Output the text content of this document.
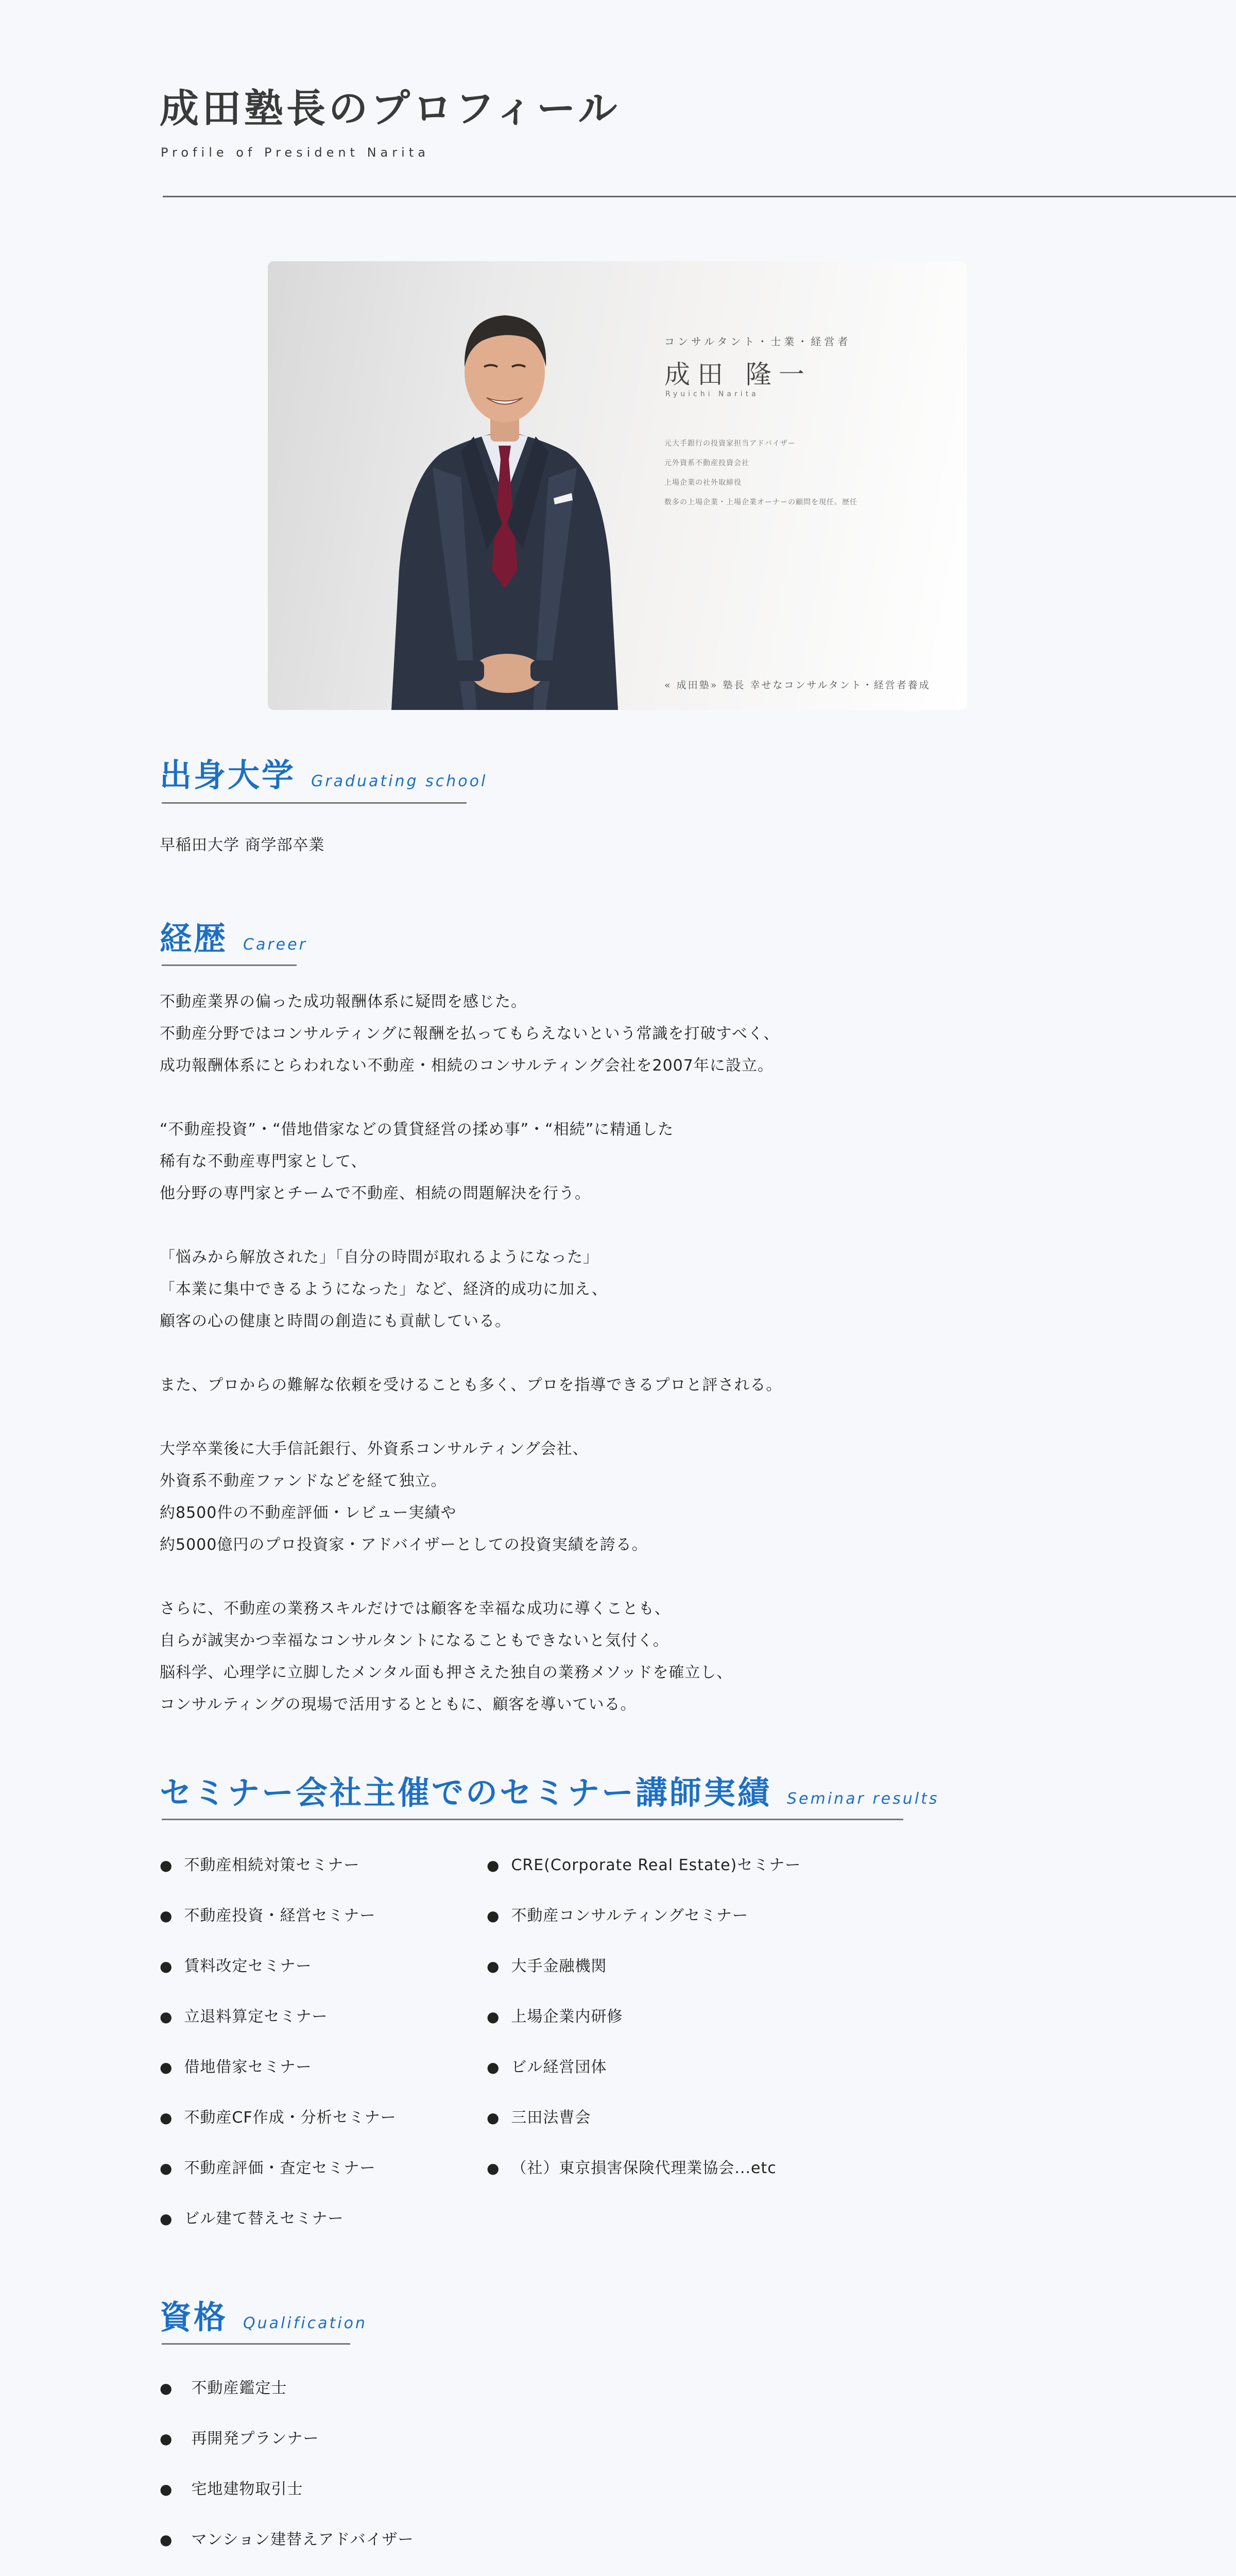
成田塾長のプロフィール
Profile of President Narita
コンサルタント・士業・経営者
成田 隆一
Ryuichi Narita
元大手銀行の投資家担当アドバイザー
元外資系不動産投資会社
上場企業の社外取締役
数多の上場企業・上場企業オーナーの顧問を現任。歴任
« 成田塾» 塾長 幸せなコンサルタント・経営者養成
出身大学 Graduating school
早稲田大学 商学部卒業
経歴 Career
不動産業界の偏った成功報酬体系に疑問を感じた。
不動産分野ではコンサルティングに報酬を払ってもらえないという常識を打破すべく、
成功報酬体系にとらわれない不動産・相続のコンサルティング会社を2007年に設立。
“不動産投資”・“借地借家などの賃貸経営の揉め事”・“相続”に精通した
稀有な不動産専門家として、
他分野の専門家とチームで不動産、相続の問題解決を行う。
「悩みから解放された」「自分の時間が取れるようになった」
「本業に集中できるようになった」など、経済的成功に加え、
顧客の心の健康と時間の創造にも貢献している。
また、プロからの難解な依頼を受けることも多く、プロを指導できるプロと評される。
大学卒業後に大手信託銀行、外資系コンサルティング会社、
外資系不動産ファンドなどを経て独立。
約8500件の不動産評価・レビュー実績や
約5000億円のプロ投資家・アドバイザーとしての投資実績を誇る。
さらに、不動産の業務スキルだけでは顧客を幸福な成功に導くことも、
自らが誠実かつ幸福なコンサルタントになることもできないと気付く。
脳科学、心理学に立脚したメンタル面も押さえた独自の業務メソッドを確立し、
コンサルティングの現場で活用するとともに、顧客を導いている。
セミナー会社主催でのセミナー講師実績 Seminar results
● 不動産相続対策セミナー
● 不動産投資・経営セミナー
● 賃料改定セミナー
● 立退料算定セミナー
● 借地借家セミナー
● 不動産CF作成・分析セミナー
● 不動産評価・査定セミナー
● ビル建て替えセミナー
● CRE(Corporate Real Estate)セミナー
● 不動産コンサルティングセミナー
● 大手金融機関
● 上場企業内研修
● ビル経営団体
● 三田法曹会
● （社）東京損害保険代理業協会...etc
資格 Qualification
● 不動産鑑定士
● 再開発プランナー
● 宅地建物取引士
● マンション建替えアドバイザー
●
